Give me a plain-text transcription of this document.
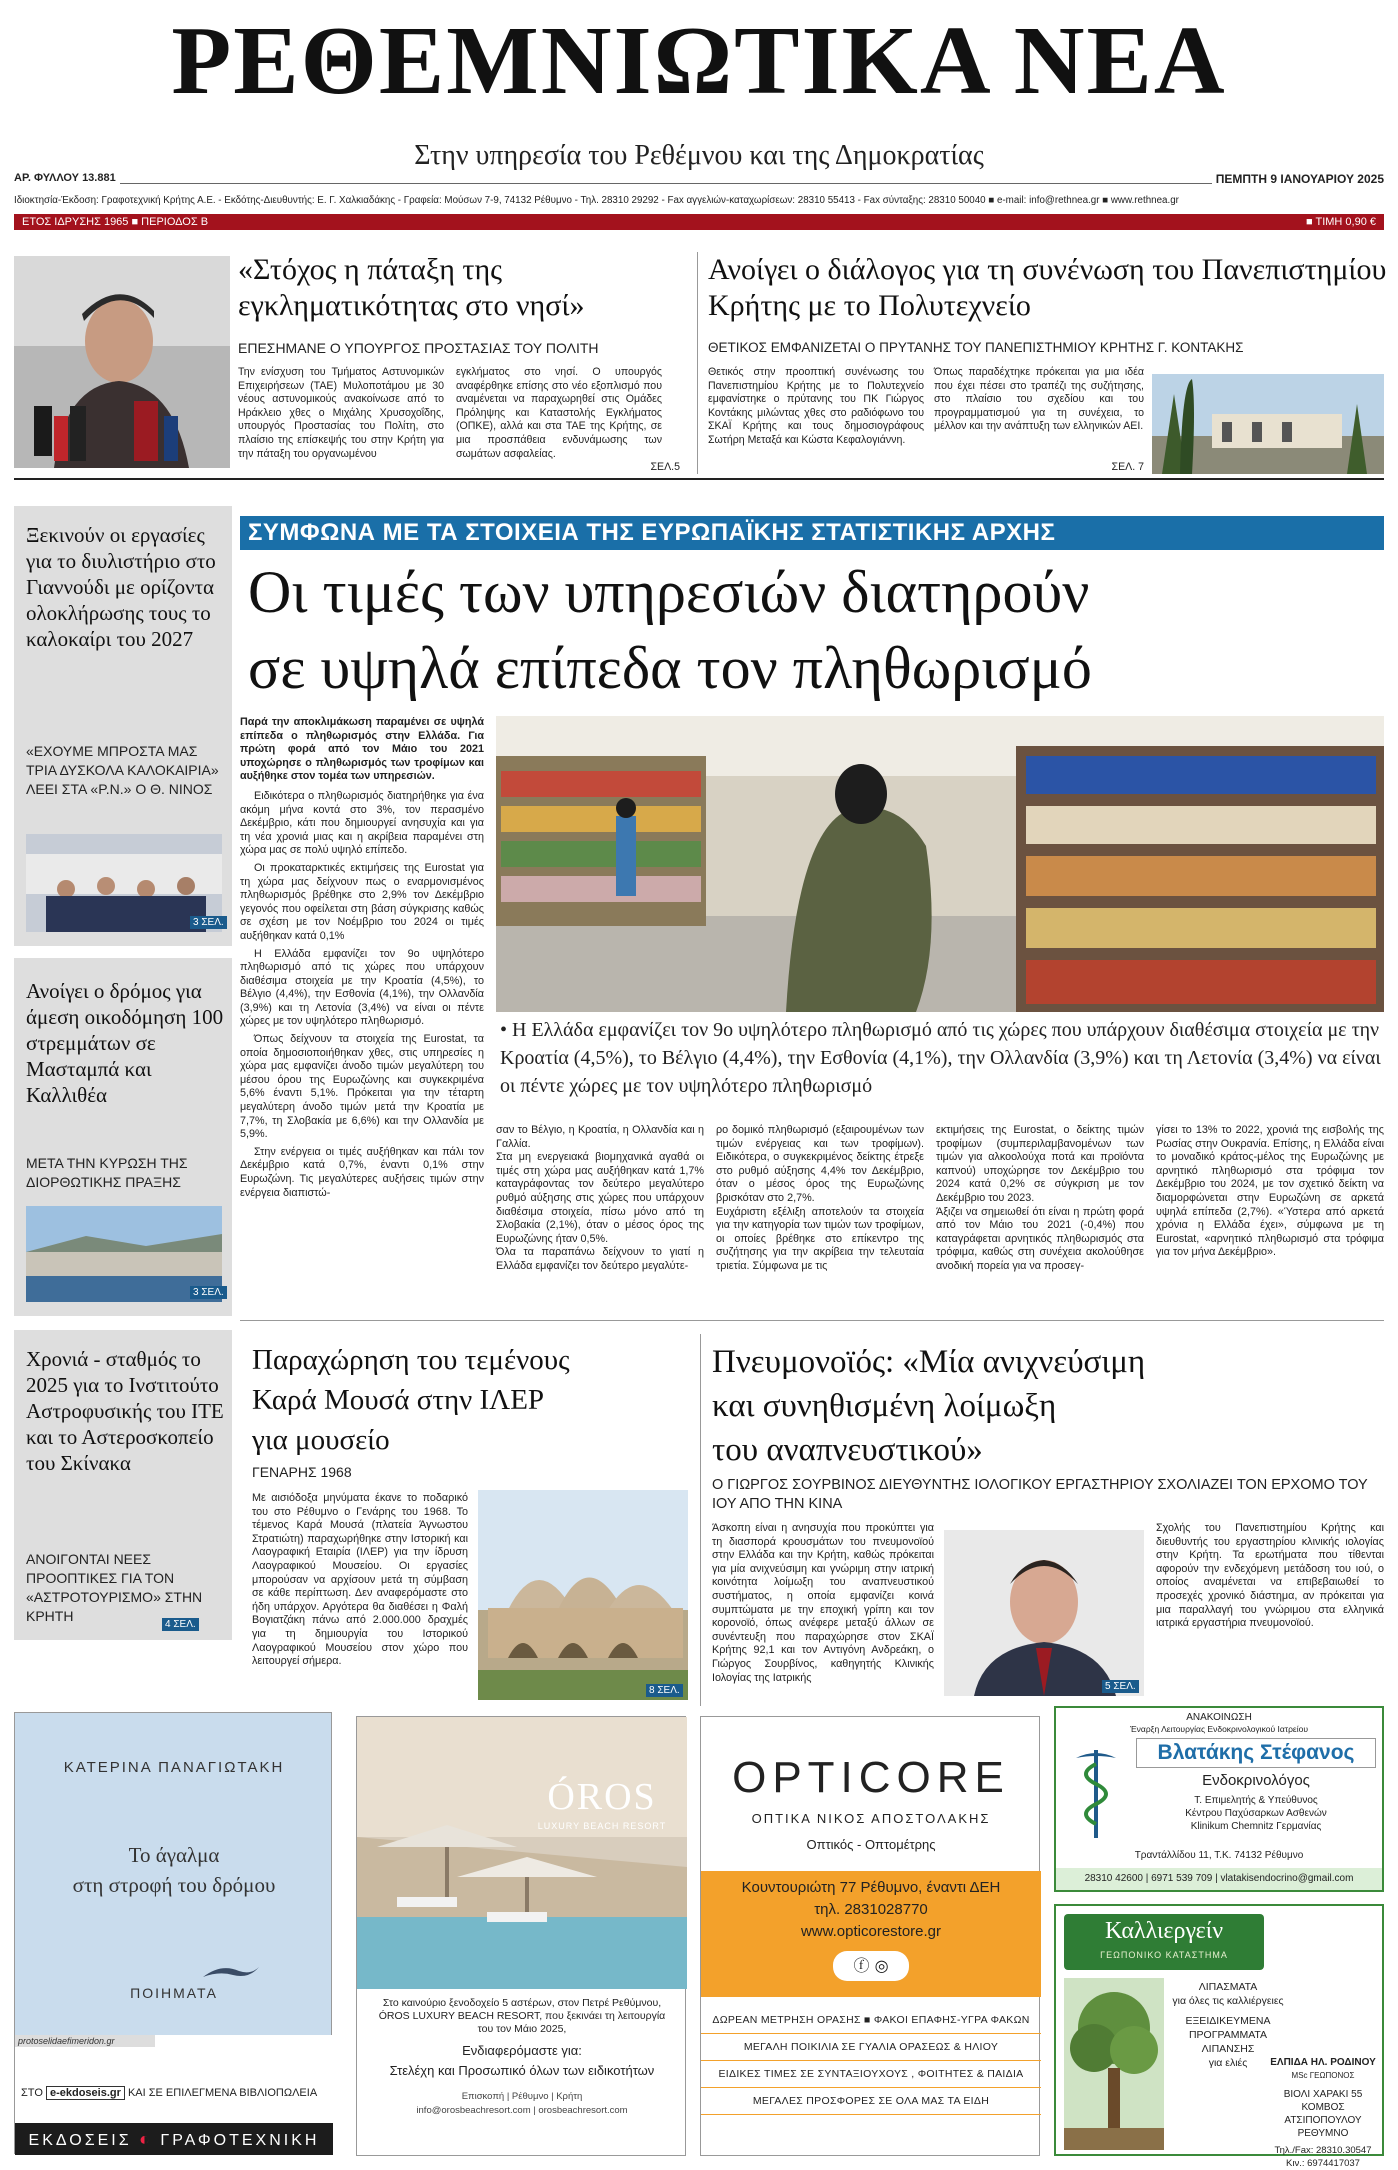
ΡΕΘΕΜΝΙΩΤΙΚΑ ΝΕΑ
Στην υπηρεσία του Ρεθέμνου και της Δημοκρατίας
ΑΡ. ΦΥΛΛΟΥ 13.881	ΠΕΜΠΤΗ 9 ΙΑΝΟΥΑΡΙΟΥ 2025
Ιδιοκτησία-Έκδοση: Γραφοτεχνική Κρήτης Α.Ε. - Εκδότης-Διευθυντής: Ε. Γ. Χαλκιαδάκης - Γραφεία: Μούσων 7-9, 74132 Ρέθυμνο - Τηλ. 28310 29292 - Fax αγγελιών-καταχωρίσεων: 28310 55413 - Fax σύνταξης: 28310 50040 ■ e-mail: info@rethnea.gr ■ www.rethnea.gr
ΕΤΟΣ ΙΔΡΥΣΗΣ 1965 ■ ΠΕΡΙΟΔΟΣ Β	■ ΤΙΜΗ 0,90 €
«Στόχος η πάταξη της εγκληματικότητας στο νησί»
ΕΠΕΣΗΜΑΝΕ Ο ΥΠΟΥΡΓΟΣ ΠΡΟΣΤΑΣΙΑΣ ΤΟΥ ΠΟΛΙΤΗ
Την ενίσχυση του Τμήματος Αστυνομικών Επιχειρήσεων (ΤΑΕ) Μυλοποτάμου με 30 νέους αστυνομικούς ανακοίνωσε από το Ηράκλειο χθες ο Μιχάλης Χρυσοχοΐδης, υπουργός Προστασίας του Πολίτη, στο πλαίσιο της επίσκεψής του στην Κρήτη για την πάταξη του οργανωμένου
εγκλήματος στο νησί. Ο υπουργός αναφέρθηκε επίσης στο νέο εξοπλισμό που αναμένεται να παραχωρηθεί στις Ομάδες Πρόληψης και Καταστολής Εγκλήματος (ΟΠΚΕ), αλλά και στα ΤΑΕ της Κρήτης, σε μια προσπάθεια ενδυνάμωσης των σωμάτων ασφαλείας.
ΣΕΛ.5
Ανοίγει ο διάλογος για τη συνένωση του Πανεπιστημίου Κρήτης με το Πολυτεχνείο
ΘΕΤΙΚΟΣ ΕΜΦΑΝΙΖΕΤΑΙ Ο ΠΡΥΤΑΝΗΣ ΤΟΥ ΠΑΝΕΠΙΣΤΗΜΙΟΥ ΚΡΗΤΗΣ Γ. ΚΟΝΤΑΚΗΣ
Θετικός στην προοπτική συνένωσης του Πανεπιστημίου Κρήτης με το Πολυτεχνείο εμφανίστηκε ο πρύτανης του ΠΚ Γιώργος Κοντάκης μιλώντας χθες στο ραδιόφωνο του ΣΚΑΪ Κρήτης και τους δημοσιογράφους Σωτήρη Μεταξά και Κώστα Κεφαλογιάννη.
Όπως παραδέχτηκε πρόκειται για μια ιδέα που έχει πέσει στο τραπέζι της συζήτησης, στο πλαίσιο του σχεδίου και του προγραμματισμού για τη συνέχεια, το μέλλον και την ανάπτυξη των ελληνικών ΑΕΙ.
ΣΕΛ. 7
Ξεκινούν οι εργασίες για το διυλιστήριο στο Γιαννούδι με ορίζοντα ολοκλήρωσης τους το καλοκαίρι του 2027
«ΕΧΟΥΜΕ ΜΠΡΟΣΤΑ ΜΑΣ ΤΡΙΑ ΔΥΣΚΟΛΑ ΚΑΛΟΚΑΙΡΙΑ» ΛΕΕΙ ΣΤΑ «Ρ.Ν.» Ο Θ. ΝΙΝΟΣ
3 ΣΕΛ.
Ανοίγει ο δρόμος για άμεση οικοδόμηση 100 στρεμμάτων σε Μασταμπά και Καλλιθέα
ΜΕΤΑ ΤΗΝ ΚΥΡΩΣΗ ΤΗΣ ΔΙΟΡΘΩΤΙΚΗΣ ΠΡΑΞΗΣ
3 ΣΕΛ.
Χρονιά - σταθμός το 2025 για το Ινστιτούτο Αστροφυσικής του ΙΤΕ και το Αστεροσκοπείο του Σκίνακα
ΑΝΟΙΓΟΝΤΑΙ ΝΕΕΣ ΠΡΟΟΠΤΙΚΕΣ ΓΙΑ ΤΟΝ «ΑΣΤΡΟΤΟΥΡΙΣΜΟ» ΣΤΗΝ ΚΡΗΤΗ
4 ΣΕΛ.
ΣΥΜΦΩΝΑ ΜΕ ΤΑ ΣΤΟΙΧΕΙΑ ΤΗΣ ΕΥΡΩΠΑΪΚΗΣ ΣΤΑΤΙΣΤΙΚΗΣ ΑΡΧΗΣ
Οι τιμές των υπηρεσιών διατηρούν
σε υψηλά επίπεδα τον πληθωρισμό
Παρά την αποκλιμάκωση παραμένει σε υψηλά επίπεδα ο πληθωρισμός στην Ελλάδα. Για πρώτη φορά από τον Μάιο του 2021 υποχώρησε ο πληθωρισμός των τροφίμων και αυξήθηκε στον τομέα των υπηρεσιών.
Ειδικότερα ο πληθωρισμός διατηρήθηκε για ένα ακόμη μήνα κοντά στο 3%, τον περασμένο Δεκέμβριο, κάτι που δημιουργεί ανησυχία και για τη νέα χρονιά μιας και η ακρίβεια παραμένει στη χώρα μας σε πολύ υψηλό επίπεδο.
Οι προκαταρκτικές εκτιμήσεις της Eurostat για τη χώρα μας δείχνουν πως ο εναρμονισμένος πληθωρισμός βρέθηκε στο 2,9% τον Δεκέμβριο γεγονός που οφείλεται στη βάση σύγκρισης καθώς σε σχέση με τον Νοέμβριο του 2024 οι τιμές αυξήθηκαν κατά 0,1%
Η Ελλάδα εμφανίζει τον 9ο υψηλότερο πληθωρισμό από τις χώρες που υπάρχουν διαθέσιμα στοιχεία με την Κροατία (4,5%), το Βέλγιο (4,4%), την Εσθονία (4,1%), την Ολλανδία (3,9%) και τη Λετονία (3,4%) να είναι οι πέντε χώρες με τον υψηλότερο πληθωρισμό.
Όπως δείχνουν τα στοιχεία της Eurostat, τα οποία δημοσιοποιήθηκαν χθες, στις υπηρεσίες η χώρα μας εμφανίζει άνοδο τιμών μεγαλύτερη του μέσου όρου της Ευρωζώνης και συγκεκριμένα 5,6% έναντι 5,1%. Πρόκειται για την τέταρτη μεγαλύτερη άνοδο τιμών μετά την Κροατία με 7,7%, τη Σλοβακία με 6,6%) και την Ολλανδία με 5,9%.
Στην ενέργεια οι τιμές αυξήθηκαν και πάλι τον Δεκέμβριο κατά 0,7%, έναντι 0,1% στην Ευρωζώνη. Τις μεγαλύτερες αυξήσεις τιμών στην ενέργεια διαπιστώ-
• Η Ελλάδα εμφανίζει τον 9ο υψηλότερο πληθωρισμό από τις χώρες που υπάρχουν διαθέσιμα στοιχεία με την Κροατία (4,5%), το Βέλγιο (4,4%), την Εσθονία (4,1%), την Ολλανδία (3,9%) και τη Λετονία (3,4%) να είναι οι πέντε χώρες με τον υψηλότερο πληθωρισμό
σαν το Βέλγιο, η Κροατία, η Ολλανδία και η Γαλλία.
Στα μη ενεργειακά βιομηχανικά αγαθά οι τιμές στη χώρα μας αυξήθηκαν κατά 1,7% καταγράφοντας τον δεύτερο μεγαλύτερο ρυθμό αύξησης στις χώρες που υπάρχουν διαθέσιμα στοιχεία, πίσω μόνο από τη Σλοβακία (2,1%), όταν ο μέσος όρος της Ευρωζώνης ήταν 0,5%.
Όλα τα παραπάνω δείχνουν το γιατί η Ελλάδα εμφανίζει τον δεύτερο μεγαλύτε-
ρο δομικό πληθωρισμό (εξαιρουμένων των τιμών ενέργειας και των τροφίμων). Ειδικότερα, ο συγκεκριμένος δείκτης έτρεξε στο ρυθμό αύξησης 4,4% τον Δεκέμβριο, όταν ο μέσος όρος της Ευρωζώνης βρισκόταν στο 2,7%.
Ευχάριστη εξέλιξη αποτελούν τα στοιχεία για την κατηγορία των τιμών των τροφίμων, οι οποίες βρέθηκε στο επίκεντρο της συζήτησης για την ακρίβεια την τελευταία τριετία. Σύμφωνα με τις
εκτιμήσεις της Eurostat, ο δείκτης τιμών τροφίμων (συμπεριλαμβανομένων των τιμών για αλκοολούχα ποτά και προϊόντα καπνού) υποχώρησε τον Δεκέμβριο του 2024 κατά 0,2% σε σύγκριση με τον Δεκέμβριο του 2023.
Άξιζει να σημειωθεί ότι είναι η πρώτη φορά από τον Μάιο του 2021 (-0,4%) που καταγράφεται αρνητικός πληθωρισμός στα τρόφιμα, καθώς στη συνέχεια ακολούθησε ανοδική πορεία για να προσεγ-
γίσει το 13% το 2022, χρονιά της εισβολής της Ρωσίας στην Ουκρανία. Επίσης, η Ελλάδα είναι το μοναδικό κράτος-μέλος της Ευρωζώνης με αρνητικό πληθωρισμό στα τρόφιμα τον Δεκέμβριο του 2024, με τον σχετικό δείκτη να διαμορφώνεται στην Ευρωζώνη σε αρκετά υψηλά επίπεδα (2,7%). «Ύστερα από αρκετά χρόνια η Ελλάδα έχει», σύμφωνα με τη Eurostat, «αρνητικό πληθωρισμό στα τρόφιμα για τον μήνα Δεκέμβριο».
Παραχώρηση του τεμένους
Καρά Μουσά στην ΙΛΕΡ
για μουσείο
ΓΕΝΑΡΗΣ 1968
Με αισιόδοξα μηνύματα έκανε το ποδαρικό του στο Ρέθυμνο ο Γενάρης του 1968. Το τέμενος Καρά Μουσά (πλατεία Άγνωστου Στρατιώτη) παραχωρήθηκε στην Ιστορική και Λαογραφική Εταιρία (ΙΛΕΡ) για την ίδρυση Λαογραφικού Μουσείου. Οι εργασίες μπορούσαν να αρχίσουν μετά τη σύμβαση σε κάθε περίπτωση. Δεν αναφερόμαστε στο ήδη υπάρχον. Αργότερα θα διαθέσει η Φαλή Βογιατζάκη πάνω από 2.000.000 δραχμές για τη δημιουργία του Ιστορικού Λαογραφικού Μουσείου στον χώρο που λειτουργεί σήμερα.
8 ΣΕΛ.
Πνευμονοϊός: «Μία ανιχνεύσιμη
και συνηθισμένη λοίμωξη
του αναπνευστικού»
Ο ΓΙΩΡΓΟΣ ΣΟΥΡΒΙΝΟΣ ΔΙΕΥΘΥΝΤΗΣ ΙΟΛΟΓΙΚΟΥ ΕΡΓΑΣΤΗΡΙΟΥ ΣΧΟΛΙΑΖΕΙ ΤΟΝ ΕΡΧΟΜΟ ΤΟΥ ΙΟΥ ΑΠΟ ΤΗΝ ΚΙΝΑ
Άσκοπη είναι η ανησυχία που προκύπτει για τη διασπορά κρουσμάτων του πνευμονοϊού στην Ελλάδα και την Κρήτη, καθώς πρόκειται για μία ανιχνεύσιμη και γνώριμη στην ιατρική κοινότητα λοίμωξη του αναπνευστικού συστήματος, η οποία εμφανίζει κοινά συμπτώματα με την εποχική γρίπη και τον κορονοϊό, όπως ανέφερε μεταξύ άλλων σε συνέντευξη που παραχώρησε στον ΣΚΑΪ Κρήτης 92,1 και τον Αντιγόνη Ανδρεάκη, ο Γιώργος Σουρβίνος, καθηγητής Κλινικής Ιολογίας της Ιατρικής
5 ΣΕΛ.
Σχολής του Πανεπιστημίου Κρήτης και διευθυντής του εργαστηρίου κλινικής ιολογίας στην Κρήτη. Τα ερωτήματα που τίθενται αφορούν την ενδεχόμενη μετάδοση του ιού, ο οποίος αναμένεται να επιβεβαιωθεί το προσεχές χρονικό διάστημα, αν πρόκειται για μια παραλλαγή του γνώριμου στα ελληνικά ιατρικά εργαστήρια πνευμονοϊού.
ΚΑΤΕΡΙΝΑ ΠΑΝΑΓΙΩΤΑΚΗ
Το άγαλμα
στη στροφή του δρόμου
ΠΟΙΗΜΑΤΑ
protoselidaefimeridon.gr
ΣΤΟ e-ekdoseis.gr ΚΑΙ ΣΕ ΕΠΙΛΕΓΜΕΝΑ ΒΙΒΛΙΟΠΩΛΕΙΑ
ΕΚΔΟΣΕΙΣ ◐ ΓΡΑΦΟΤΕΧΝΙΚΗ
ÓROS
LUXURY BEACH RESORT
Στο καινούριο ξενοδοχείο 5 αστέρων, στον Πετρέ Ρεθύμνου, ÓROS LUXURY BEACH RESORT, που ξεκινάει τη λειτουργία του τον Μάιο 2025,
Ενδιαφερόμαστε για:
Στελέχη και Προσωπικό όλων των ειδικοτήτων
Επισκοπή | Ρέθυμνο | Κρήτη
info@orosbeachresort.com | orosbeachresort.com
OPTICORE
ΟΠΤΙΚΑ ΝΙΚΟΣ ΑΠΟΣΤΟΛΑΚΗΣ
Οπτικός - Οπτομέτρης
Κουντουριώτη 77 Ρέθυμνο, έναντι ΔΕΗ
τηλ. 2831028770
www.opticorestore.gr
ⓕ ◎
ΔΩΡΕΑΝ ΜΕΤΡΗΣΗ ΟΡΑΣΗΣ ■ ΦΑΚΟΙ ΕΠΑΦΗΣ-ΥΓΡΑ ΦΑΚΩΝ
ΜΕΓΑΛΗ ΠΟΙΚΙΛΙΑ ΣΕ ΓΥΑΛΙΑ ΟΡΑΣΕΩΣ & ΗΛΙΟΥ
ΕΙΔΙΚΕΣ ΤΙΜΕΣ ΣΕ ΣΥΝΤΑΞΙΟΥΧΟΥΣ , ΦΟΙΤΗΤΕΣ & ΠΑΙΔΙΑ
ΜΕΓΑΛΕΣ ΠΡΟΣΦΟΡΕΣ ΣΕ ΟΛΑ ΜΑΣ ΤΑ ΕΙΔΗ
ΑΝΑΚΟΙΝΩΣΗ
Έναρξη Λειτουργίας Ενδοκρινολογικού Ιατρείου
Βλατάκης Στέφανος
Ενδοκρινολόγος
Τ. Επιμελητής & Υπεύθυνος
Κέντρου Παχύσαρκων Ασθενών
Klinikum Chemnitz Γερμανίας
Τραντάλλίδου 11, Τ.Κ. 74132 Ρέθυμνο
28310 42600 | 6971 539 709 | vlatakisendocrino@gmail.com
Καλλιεργείν
ΓΕΩΠΟΝΙΚΟ ΚΑΤΑΣΤΗΜΑ
ΛΙΠΑΣΜΑΤΑ
για όλες τις καλλιέργειες
ΕΞΕΙΔΙΚΕΥΜΕΝΑ
ΠΡΟΓΡΑΜΜΑΤΑ ΛΙΠΑΝΣΗΣ
για ελιές	ΕΛΠΙΔΑ ΗΛ. ΡΟΔΙΝΟΥ
MSc ΓΕΩΠΟΝΟΣ
ΒΙΟΛΙ ΧΑΡΑΚΙ 55
ΚΟΜΒΟΣ ΑΤΣΙΠΟΠΟΥΛΟΥ
ΡΕΘΥΜΝΟ
Τηλ./Fax: 28310.30547
Κιν.: 6974417037
